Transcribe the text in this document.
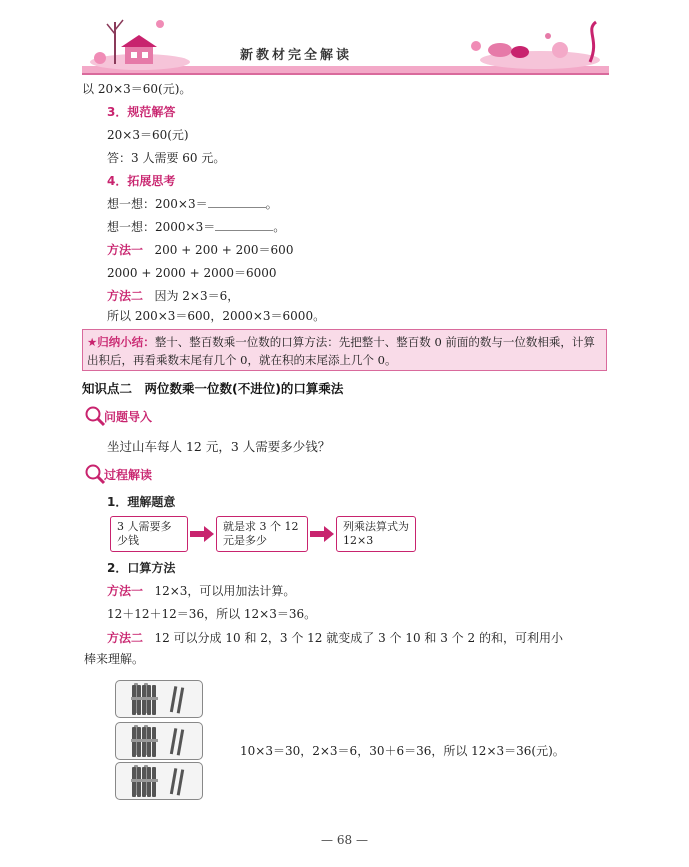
新教材完全解读
以 20×3＝60(元)。
3．规范解答
20×3＝60(元)
答：3 人需要 60 元。
4．拓展思考
想一想：200×3＝	。
想一想：2000×3＝	。
方法一 200 + 200 + 200＝600
2000 + 2000 + 2000＝6000
方法二 因为 2×3＝6，
所以 200×3＝600，2000×3＝6000。
★归纳小结：整十、整百数乘一位数的口算方法：先把整十、整百数 0 前面的数与一位数相乘，计算出积后，再看乘数末尾有几个 0，就在积的末尾添上几个 0。
知识点二　两位数乘一位数(不进位)的口算乘法
问题导入
坐过山车每人 12 元，3 人需要多少钱？
过程解读
1．理解题意
3 人需要多少钱
就是求 3 个 12 元是多少
列乘法算式为 12×3
2．口算方法
方法一 12×3，可以用加法计算。
12＋12＋12＝36，所以 12×3＝36。
方法二 12 可以分成 10 和 2，3 个 12 就变成了 3 个 10 和 3 个 2 的和，可利用小
棒来理解。
10×3＝30，2×3＝6，30＋6＝36，所以 12×3＝36(元)。
— 68 —
